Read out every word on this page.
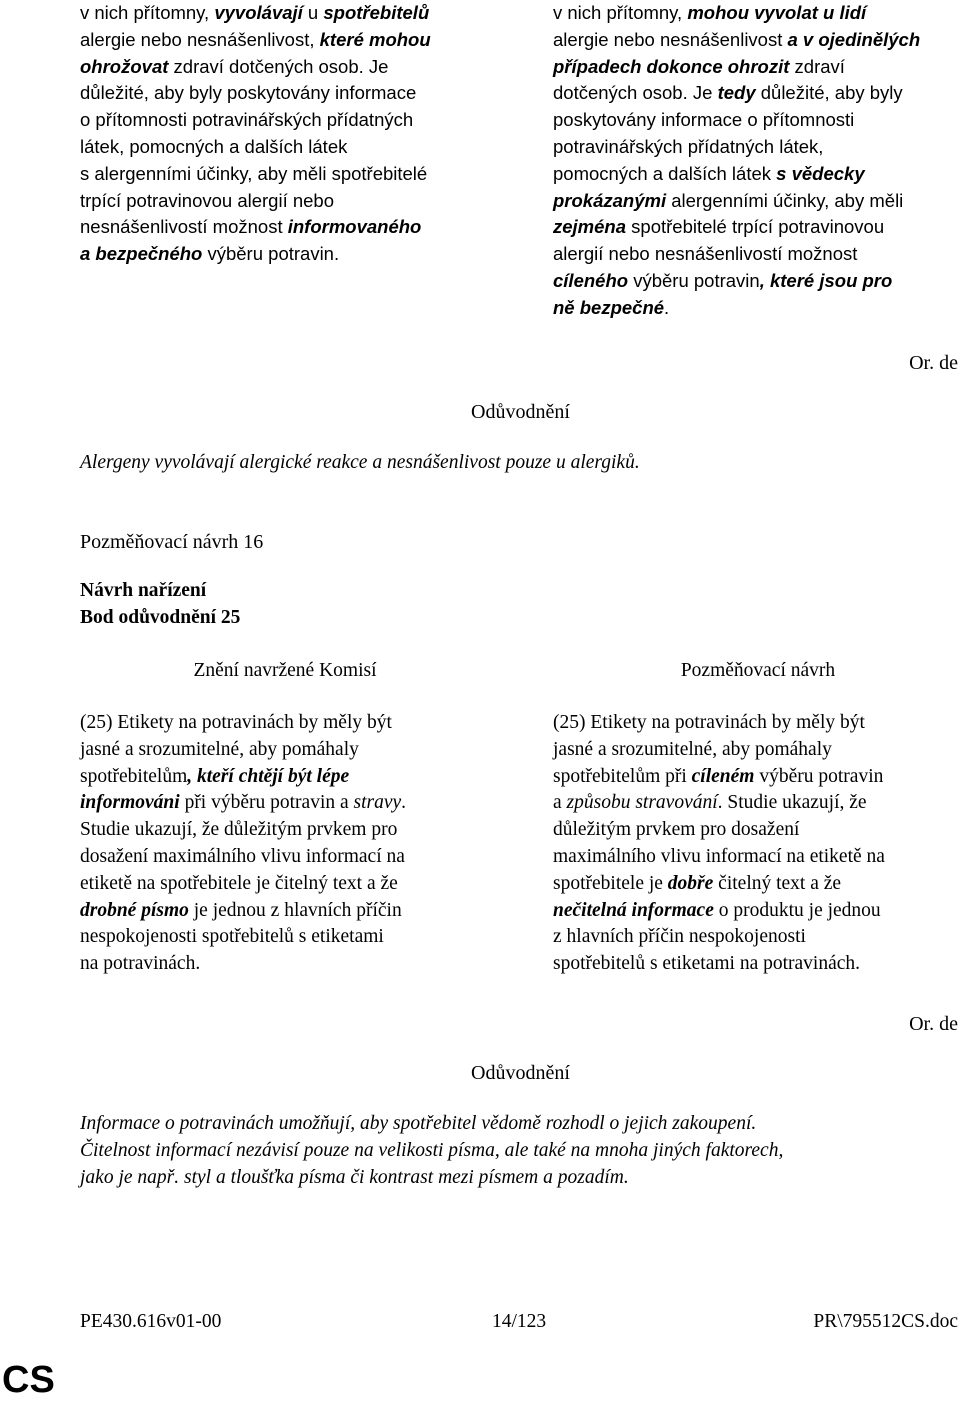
v nich přítomny, vyvolávají u spotřebitelů

alergie nebo nesnášenlivost, které mohou

ohrožovat zdraví dotčených osob. Je

důležité, aby byly poskytovány informace

o přítomnosti potravinářských přídatných

látek, pomocných a dalších látek

s alergenními účinky, aby měli spotřebitelé

trpící potravinovou alergií nebo

nesnášenlivostí možnost informovaného

a bezpečného výběru potravin.

v nich přítomny, mohou vyvolat u lidí

alergie nebo nesnášenlivost a v ojedinělých

případech dokonce ohrozit zdraví

dotčených osob. Je tedy důležité, aby byly

poskytovány informace o přítomnosti

potravinářských přídatných látek,

pomocných a dalších látek s vědecky

prokázanými alergenními účinky, aby měli

zejména spotřebitelé trpící potravinovou

alergií nebo nesnášenlivostí možnost

cíleného výběru potravin, které jsou pro

ně bezpečné.

Or. de
Odůvodnění
Alergeny vyvolávají alergické reakce a nesnášenlivost pouze u alergiků.
Pozměňovací návrh 16
Návrh nařízení
Bod odůvodnění 25
Znění navržené Komisí	Pozměňovací návrh

(25) Etikety na potravinách by měly být

jasné a srozumitelné, aby pomáhaly

spotřebitelům, kteří chtějí být lépe

informováni při výběru potravin a stravy.

Studie ukazují, že důležitým prvkem pro

dosažení maximálního vlivu informací na

etiketě na spotřebitele je čitelný text a že

drobné písmo je jednou z hlavních příčin

nespokojenosti spotřebitelů s etiketami

na potravinách.

(25) Etikety na potravinách by měly být

jasné a srozumitelné, aby pomáhaly

spotřebitelům při cíleném výběru potravin

a způsobu stravování. Studie ukazují, že

důležitým prvkem pro dosažení

maximálního vlivu informací na etiketě na

spotřebitele je dobře čitelný text a že

nečitelná informace o produktu je jednou

z hlavních příčin nespokojenosti

spotřebitelů s etiketami na potravinách.

Or. de
Odůvodnění

Informace o potravinách umožňují, aby spotřebitel vědomě rozhodl o jejich zakoupení.

Čitelnost informací nezávisí pouze na velikosti písma, ale také na mnoha jiných faktorech,

jako je např. styl a tloušťka písma či kontrast mezi písmem a pozadím.

PE430.616v01-00	14/123	PR\795512CS.doc
CS
